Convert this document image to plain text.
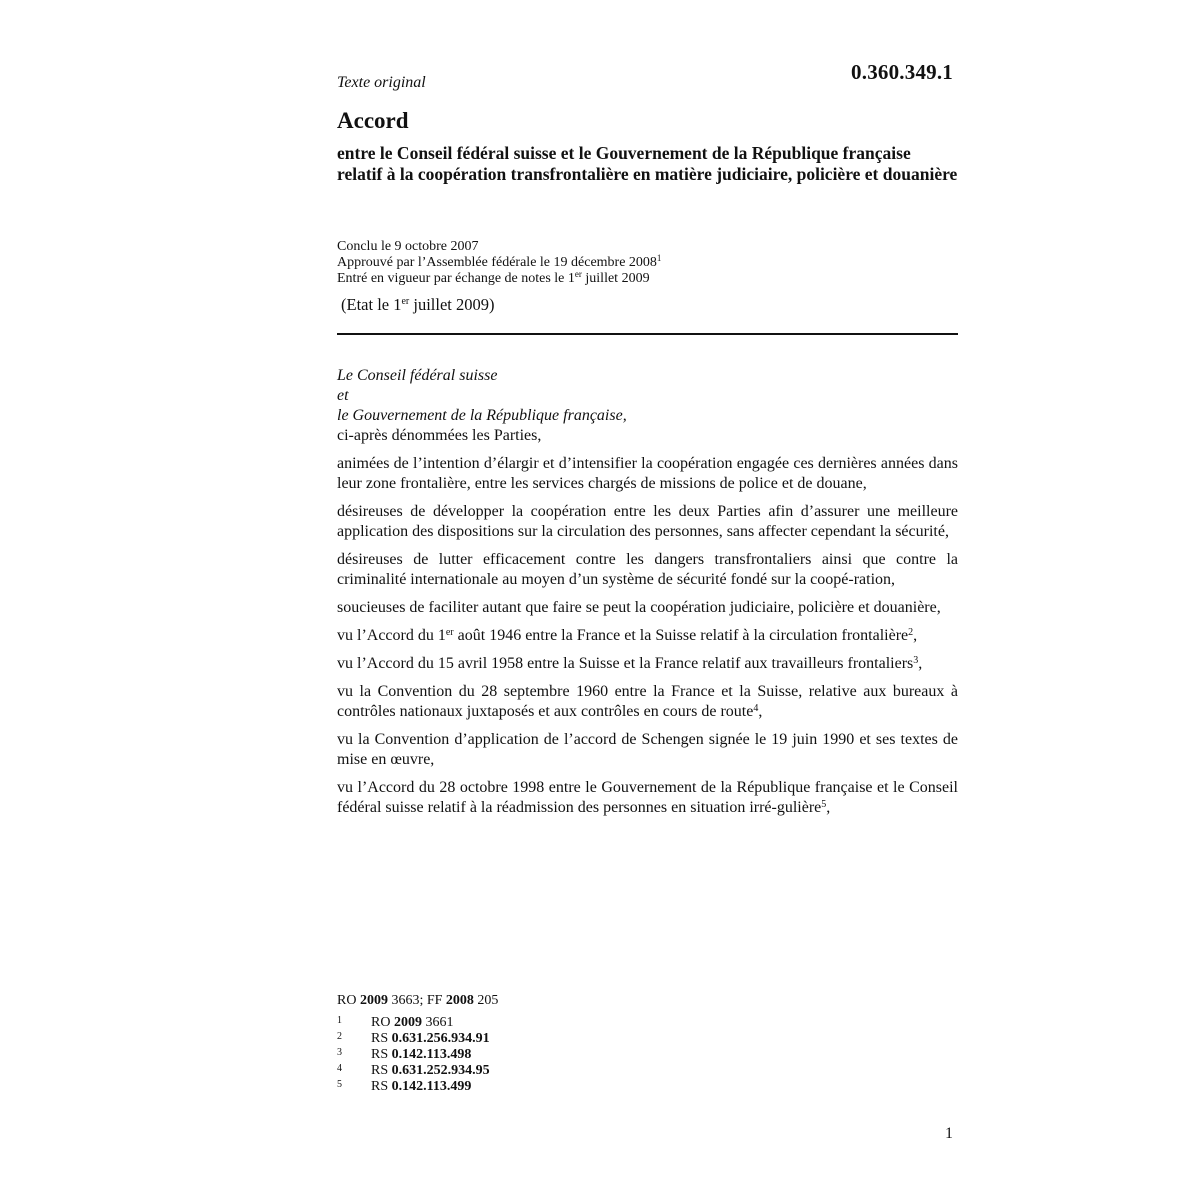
0.360.349.1
Texte original
Accord
entre le Conseil fédéral suisse et le Gouvernement de la République française relatif à la coopération transfrontalière en matière judiciaire, policière et douanière
Conclu le 9 octobre 2007
Approuvé par l’Assemblée fédérale le 19 décembre 2008$^1$
Entré en vigueur par échange de notes le 1er juillet 2009
(Etat le 1er juillet 2009)
Le Conseil fédéral suisse
et
le Gouvernement de la République française,
ci-après dénommées les Parties,

animées de l’intention d’élargir et d’intensifier la coopération engagée ces dernières années dans leur zone frontalière, entre les services chargés de missions de police et de douane,

désireuses de développer la coopération entre les deux Parties afin d’assurer une meilleure application des dispositions sur la circulation des personnes, sans affecter cependant la sécurité,

désireuses de lutter efficacement contre les dangers transfrontaliers ainsi que contre la criminalité internationale au moyen d’un système de sécurité fondé sur la coopé-ration,

soucieuses de faciliter autant que faire se peut la coopération judiciaire, policière et douanière,

vu l’Accord du 1er août 1946 entre la France et la Suisse relatif à la circulation frontalière$^2$,

vu l’Accord du 15 avril 1958 entre la Suisse et la France relatif aux travailleurs frontaliers$^3$,

vu la Convention du 28 septembre 1960 entre la France et la Suisse, relative aux bureaux à contrôles nationaux juxtaposés et aux contrôles en cours de route$^4$,

vu la Convention d’application de l’accord de Schengen signée le 19 juin 1990 et ses textes de mise en œuvre,

vu l’Accord du 28 octobre 1998 entre le Gouvernement de la République française et le Conseil fédéral suisse relatif à la réadmission des personnes en situation irré-gulière$^5$,

RO 2009 3663; FF 2008 205
1	RO 2009 3661
2	RS 0.631.256.934.91
3	RS 0.142.113.498
4	RS 0.631.252.934.95
5	RS 0.142.113.499
1
